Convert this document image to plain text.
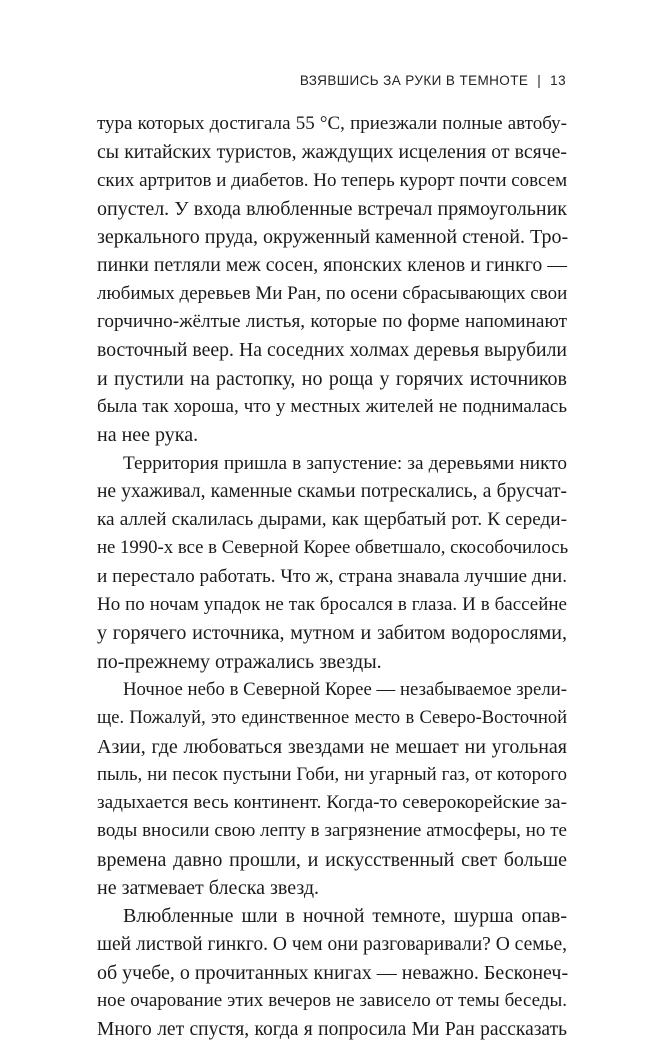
ВЗЯВШИСЬ ЗА РУКИ В ТЕМНОТЕ | 13
тура которых достигала 55 °С, приезжали полные автобу-
сы китайских туристов, жаждущих исцеления от всяче-
ских артритов и диабетов. Но теперь курорт почти совсем
опустел. У входа влюбленные встречал прямоугольник
зеркального пруда, окруженный каменной стеной. Тро-
пинки петляли меж сосен, японских кленов и гинкго —
любимых деревьев Ми Ран, по осени сбрасывающих свои
горчично-жёлтые листья, которые по форме напоминают
восточный веер. На соседних холмах деревья вырубили
и пустили на растопку, но роща у горячих источников
была так хороша, что у местных жителей не поднималась
на нее рука.
Территория пришла в запустение: за деревьями никто
не ухаживал, каменные скамьи потрескались, а брусчат-
ка аллей скалилась дырами, как щербатый рот. К середи-
не 1990-х все в Северной Корее обветшало, скособочилось
и перестало работать. Что ж, страна знавала лучшие дни.
Но по ночам упадок не так бросался в глаза. И в бассейне
у горячего источника, мутном и забитом водорослями,
по-прежнему отражались звезды.
Ночное небо в Северной Корее — незабываемое зрели-
ще. Пожалуй, это единственное место в Северо-Восточной
Азии, где любоваться звездами не мешает ни угольная
пыль, ни песок пустыни Гоби, ни угарный газ, от которого
задыхается весь континент. Когда-то северокорейские за-
воды вносили свою лепту в загрязнение атмосферы, но те
времена давно прошли, и искусственный свет больше
не затмевает блеска звезд.
Влюбленные шли в ночной темноте, шурша опав-
шей листвой гинкго. О чем они разговаривали? О семье,
об учебе, о прочитанных книгах — неважно. Бесконеч-
ное очарование этих вечеров не зависело от темы беседы.
Много лет спустя, когда я попросила Ми Ран рассказать
